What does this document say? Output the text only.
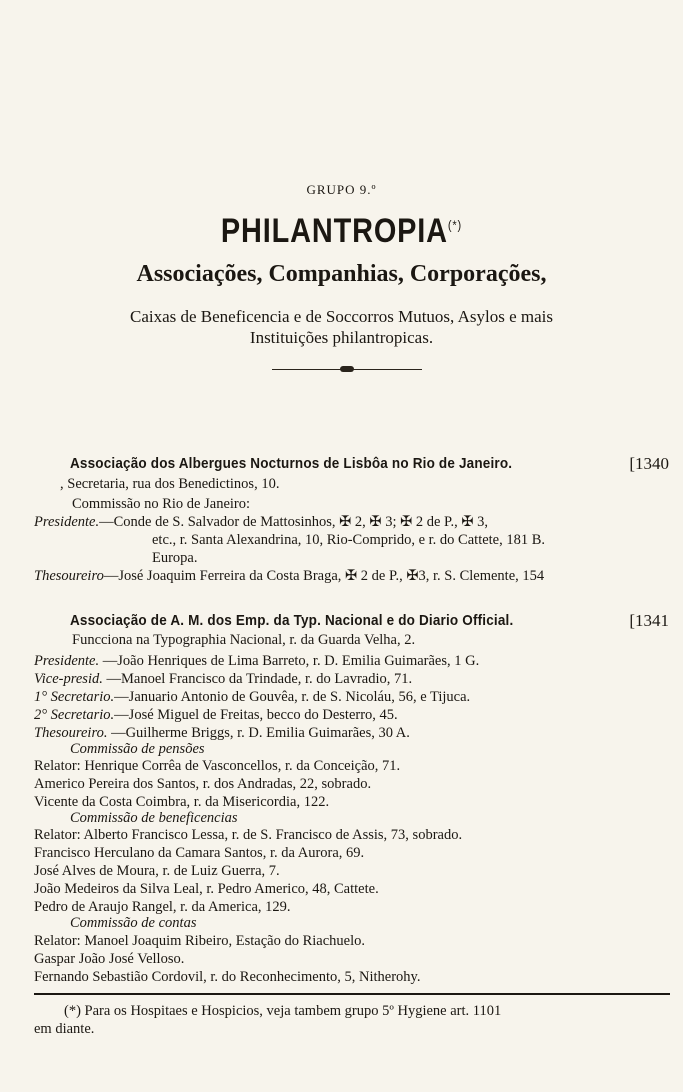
GRUPO 9.º
PHILANTROPIA(*)
Associações, Companhias, Corporações,
Caixas de Beneficencia e de Soccorros Mutuos, Asylos e mais
Instituições philantropicas.
Associação dos Albergues Nocturnos de Lisbôa no Rio de Janeiro.	[1340
, Secretaria, rua dos Benedictinos, 10.
Commissão no Rio de Janeiro:
Presidente.—Conde de S. Salvador de Mattosinhos, ✠ 2, ✠ 3; ✠ 2 de P., ✠ 3,
etc., r. Santa Alexandrina, 10, Rio-Comprido, e r. do Cattete, 181 B.
Europa.
Thesoureiro—José Joaquim Ferreira da Costa Braga, ✠ 2 de P., ✠3, r. S. Clemente, 154
Associação de A. M. dos Emp. da Typ. Nacional e do Diario Official.	[1341
Funcciona na Typographia Nacional, r. da Guarda Velha, 2.
Presidente. —João Henriques de Lima Barreto, r. D. Emilia Guimarães, 1 G.
Vice-presid. —Manoel Francisco da Trindade, r. do Lavradio, 71.
1° Secretario.—Januario Antonio de Gouvêa, r. de S. Nicoláu, 56, e Tijuca.
2° Secretario.—José Miguel de Freitas, becco do Desterro, 45.
Thesoureiro. —Guilherme Briggs, r. D. Emilia Guimarães, 30 A.
Commissão de pensões
Relator: Henrique Corrêa de Vasconcellos, r. da Conceição, 71.
Americo Pereira dos Santos, r. dos Andradas, 22, sobrado.
Vicente da Costa Coimbra, r. da Misericordia, 122.
Commissão de beneficencias
Relator: Alberto Francisco Lessa, r. de S. Francisco de Assis, 73, sobrado.
Francisco Herculano da Camara Santos, r. da Aurora, 69.
José Alves de Moura, r. de Luiz Guerra, 7.
João Medeiros da Silva Leal, r. Pedro Americo, 48, Cattete.
Pedro de Araujo Rangel, r. da America, 129.
Commissão de contas
Relator: Manoel Joaquim Ribeiro, Estação do Riachuelo.
Gaspar João José Velloso.
Fernando Sebastião Cordovil, r. do Reconhecimento, 5, Nitherohy.
(*) Para os Hospitaes e Hospicios, veja tambem grupo 5º Hygiene art. 1101
em diante.
